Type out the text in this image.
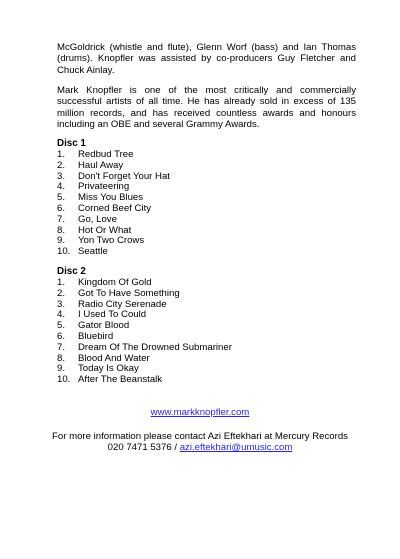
McGoldrick (whistle and flute), Glenn Worf (bass) and Ian Thomas (drums). Knopfler was assisted by co-producers Guy Fletcher and Chuck Ainlay.

Mark Knopfler is one of the most critically and commercially successful artists of all time. He has already sold in excess of 135 million records, and has received countless awards and honours including an OBE and several Grammy Awards.

Disc 1
1. Redbud Tree
2. Haul Away
3. Don't Forget Your Hat
4. Privateering
5. Miss You Blues
6. Corned Beef City
7. Go, Love
8. Hot Or What
9. Yon Two Crows
10. Seattle
Disc 2
1. Kingdom Of Gold
2. Got To Have Something
3. Radio City Serenade
4. I Used To Could
5. Gator Blood
6. Bluebird
7. Dream Of The Drowned Submariner
8. Blood And Water
9. Today Is Okay
10. After The Beanstalk
www.markknopfler.com
For more information please contact Azi Eftekhari at Mercury Records
020 7471 5376 / azi.eftekhari@umusic.com
